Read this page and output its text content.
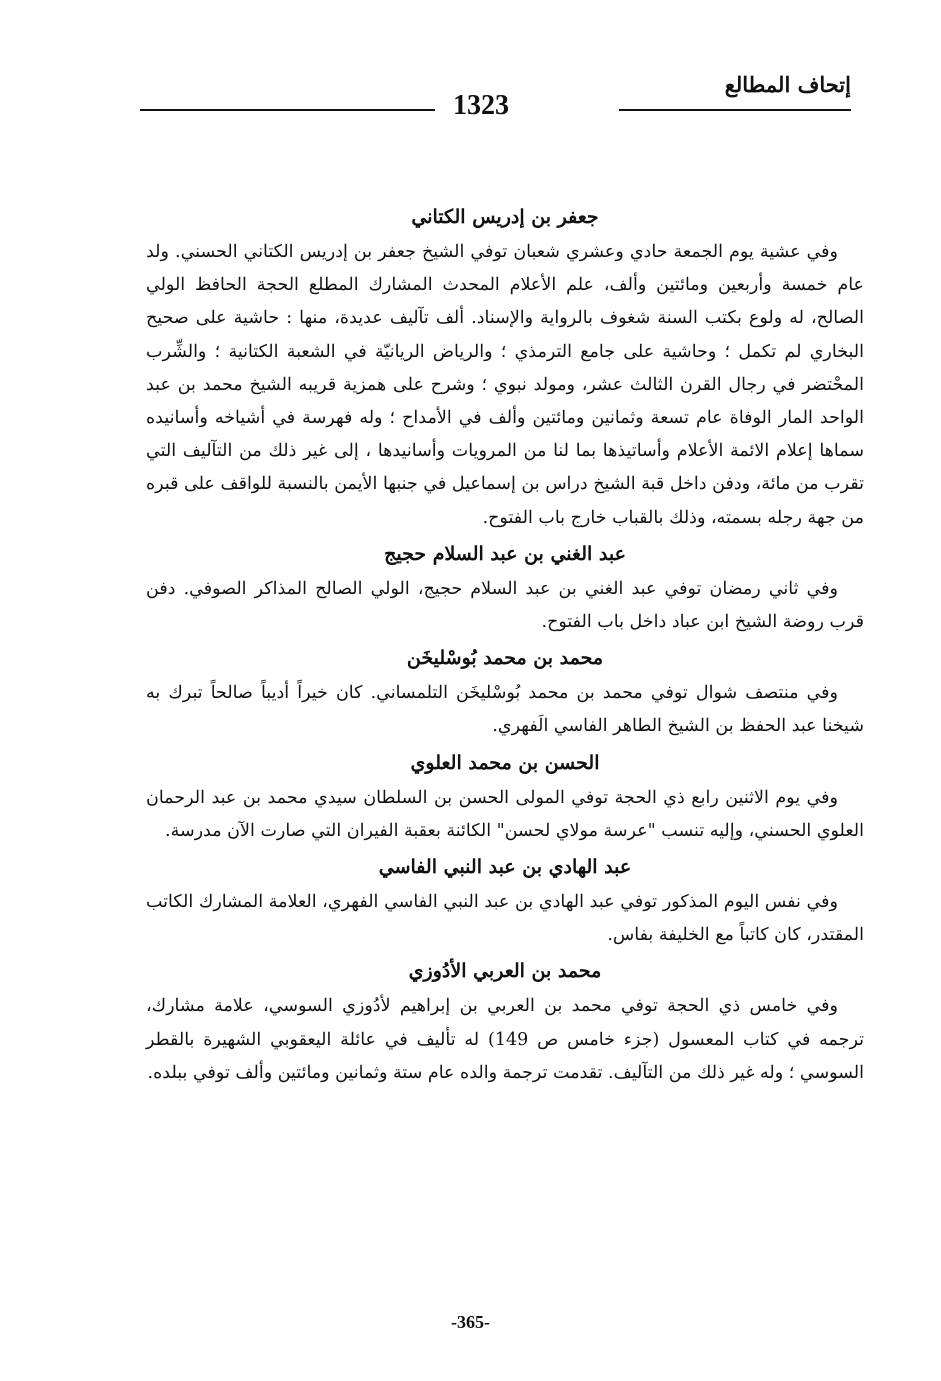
إتحاف المطالع
1323

جعفر بن إدريس الكتاني

وفي عشية يوم الجمعة حادي وعشري شعبان توفي الشيخ جعفر بن إدريس الكتاني الحسني. ولد عام خمسة وأربعين ومائتين وألف، علم الأعلام المحدث المشارك المطلع الحجة الحافظ الولي الصالح، له ولوع بكتب السنة شغوف بالرواية والإسناد. ألف تآليف عديدة، منها : حاشية على صحيح البخاري لم تكمل ؛ وحاشية على جامع الترمذي ؛ والرياض الريانيّة في الشعبة الكتانية ؛ والشِّرب المحْتضر في رجال القرن الثالث عشر، ومولد نبوي ؛ وشرح على همزية قريبه الشيخ محمد بن عبد الواحد المار الوفاة عام تسعة وثمانين ومائتين وألف في الأمداح ؛ وله فهرسة في أشياخه وأسانيده سماها إعلام الائمة الأعلام وأساتيذها بما لنا من المرويات وأسانيدها ، إلى غير ذلك من التآليف التي تقرب من مائة، ودفن داخل قبة الشيخ دراس بن إسماعيل في جنبها الأيمن بالنسبة للواقف على قبره من جهة رجله بسمته، وذلك بالقباب خارج باب الفتوح.

عبد الغني بن عبد السلام حجيج

وفي ثاني رمضان توفي عبد الغني بن عبد السلام حجيج، الولي الصالح المذاكر الصوفي. دفن قرب روضة الشيخ ابن عباد داخل باب الفتوح.

محمد بن محمد بُوسْليخَن

وفي منتصف شوال توفي محمد بن محمد بُوسْليخَن التلمساني. كان خيراً أديباً صالحاً تبرك به شيخنا عبد الحفظ بن الشيخ الطاهر الفاسي الَفهري.

الحسن بن محمد العلوي

وفي يوم الاثنين رابع ذي الحجة توفي المولى الحسن بن السلطان سيدي محمد بن عبد الرحمان العلوي الحسني، وإليه تنسب "عرسة مولاي لحسن" الكائنة بعقبة الفيران التي صارت الآن مدرسة.

عبد الهادي بن عبد النبي الفاسي

وفي نفس اليوم المذكور توفي عبد الهادي بن عبد النبي الفاسي الفهري، العلامة المشارك الكاتب المقتدر، كان كاتباً مع الخليفة بفاس.

محمد بن العربي الأدُوزي

وفي خامس ذي الحجة توفي محمد بن العربي بن إبراهيم لأدُوزي السوسي، علامة مشارك، ترجمه في كتاب المعسول (جزء خامس ص 149) له تأليف في عائلة اليعقوبي الشهيرة بالقطر السوسي ؛ وله غير ذلك من التآليف. تقدمت ترجمة والده عام ستة وثمانين ومائتين وألف توفي ببلده.

-365-
